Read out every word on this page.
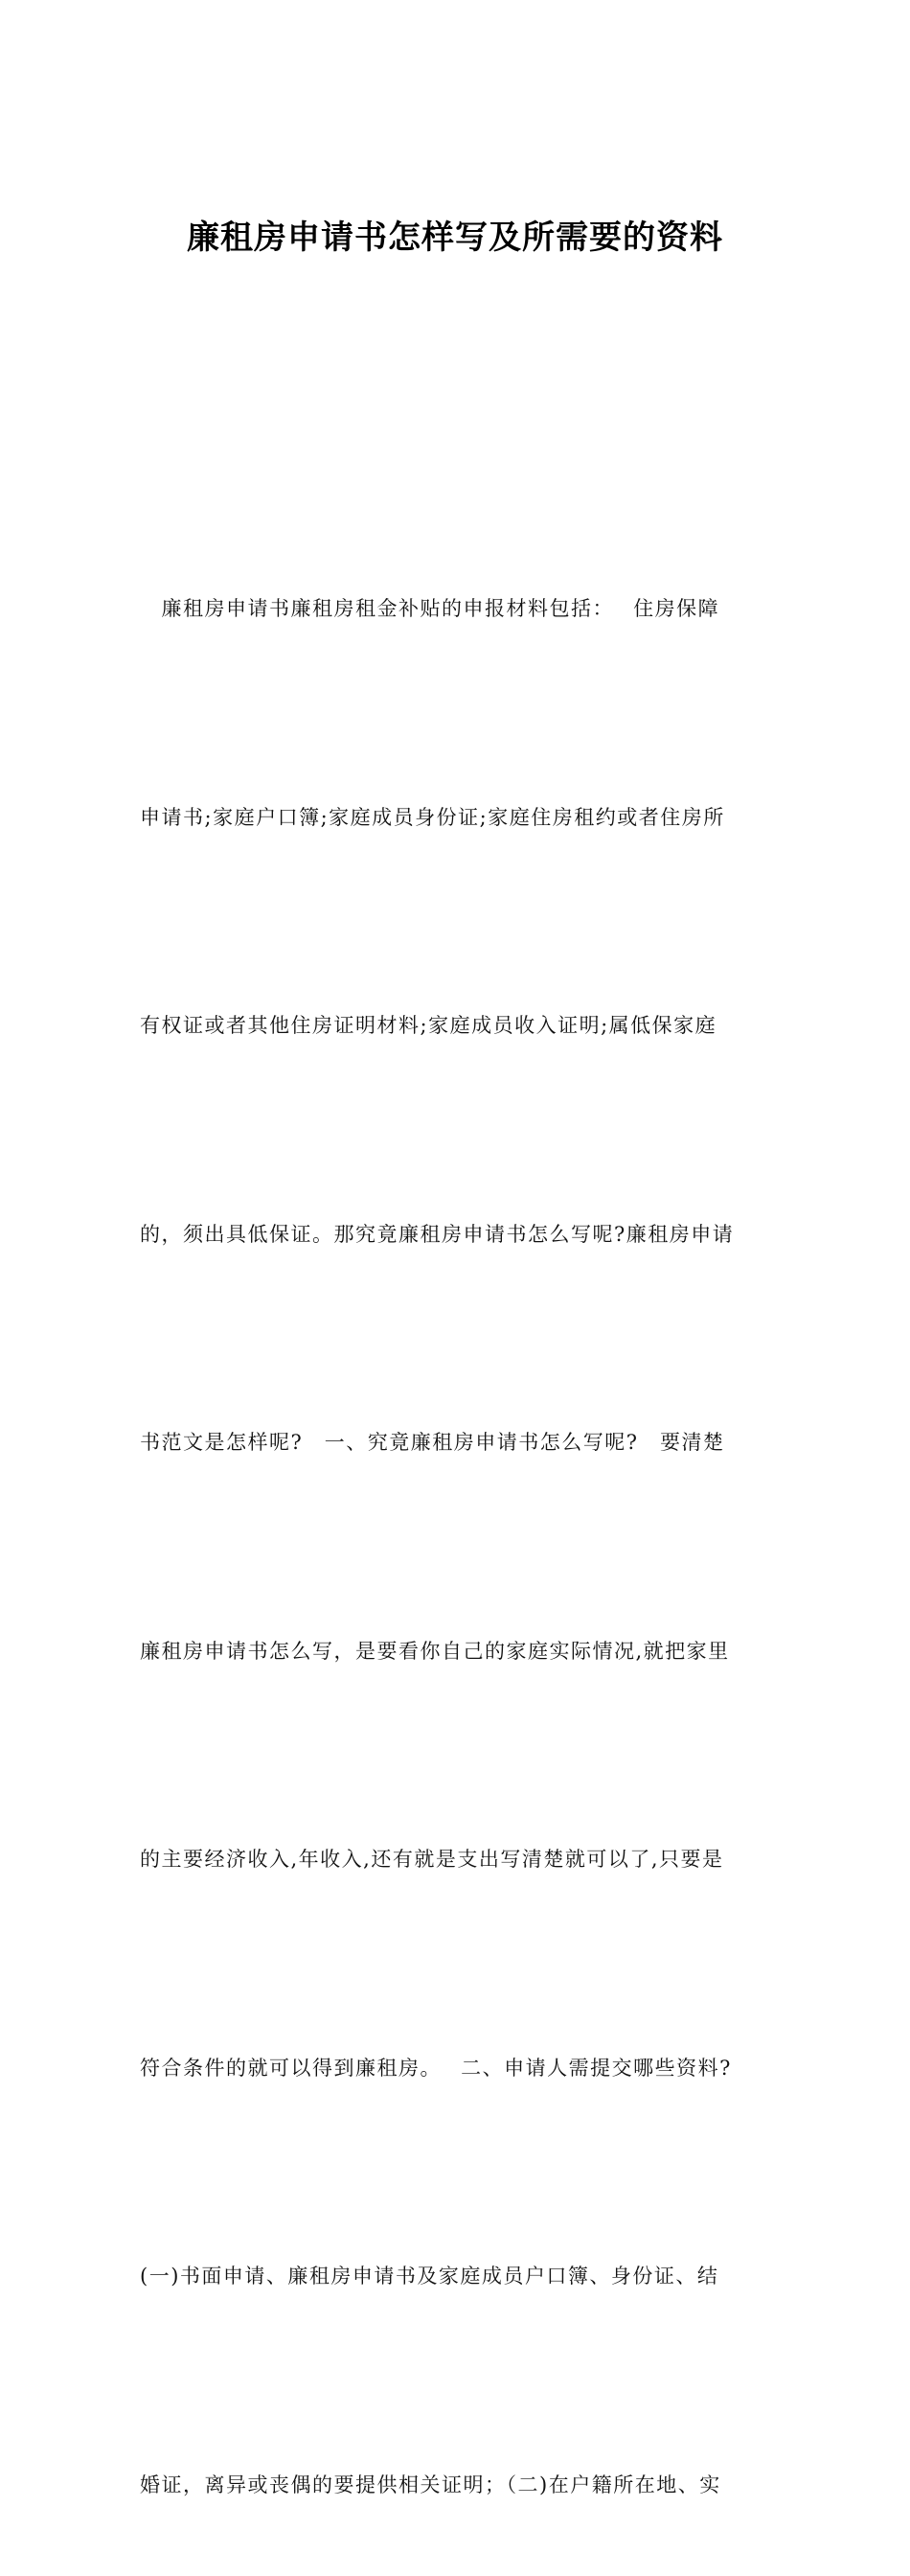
廉租房申请书怎样写及所需要的资料

　廉租房申请书廉租房租金补贴的申报材料包括：　 住房保障

申请书;家庭户口簿;家庭成员身份证;家庭住房租约或者住房所

有权证或者其他住房证明材料;家庭成员收入证明;属低保家庭

的，须出具低保证。那究竟廉租房申请书怎么写呢?廉租房申请

书范文是怎样呢?　一、究竟廉租房申请书怎么写呢?　要清楚

廉租房申请书怎么写，是要看你自己的家庭实际情况,就把家里

的主要经济收入,年收入,还有就是支出写清楚就可以了,只要是

符合条件的就可以得到廉租房。　 二、申请人需提交哪些资料?

(一)书面申请、廉租房申请书及家庭成员户口簿、身份证、结

婚证，离异或丧偶的要提供相关证明；（二)在户籍所在地、实
